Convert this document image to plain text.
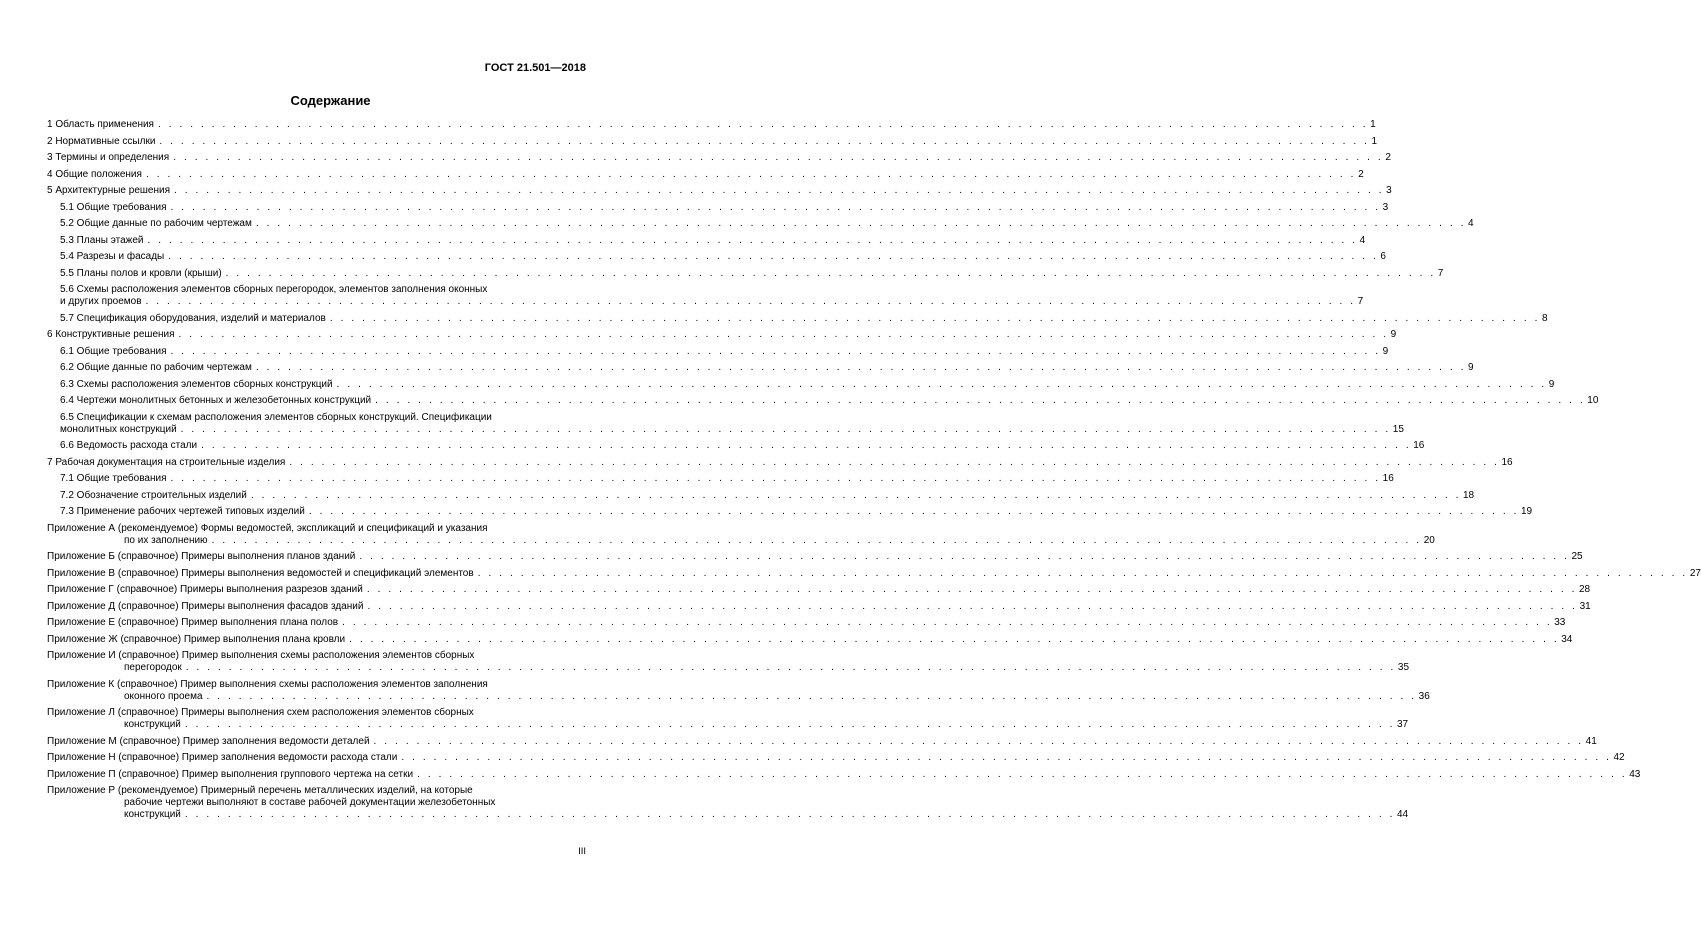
ГОСТ 21.501—2018
Содержание
1 Область применения . . . . . . . . . . . . . . . . . . . . . . . . . . . . . . . . . . . . . . . . . . . . . . . . . . . . . . . . . . . . . . . . . . . . . . . . . . . . . . . . . . . . . . . . . . . . . . . . . . . . . . . . . . . . . . . . . 1
2 Нормативные ссылки . . . . . . . . . . . . . . . . . . . . . . . . . . . . . . . . . . . . . . . . . . . . . . . . . . . . . . . . . . . . . . . . . . . . . . . . . . . . . . . . . . . . . . . . . . . . . . . . . . . . . . . . . . . . . . . . . 1
3 Термины и определения . . . . . . . . . . . . . . . . . . . . . . . . . . . . . . . . . . . . . . . . . . . . . . . . . . . . . . . . . . . . . . . . . . . . . . . . . . . . . . . . . . . . . . . . . . . . . . . . . . . . . . . . . . . . . . . . . 2
4 Общие положения . . . . . . . . . . . . . . . . . . . . . . . . . . . . . . . . . . . . . . . . . . . . . . . . . . . . . . . . . . . . . . . . . . . . . . . . . . . . . . . . . . . . . . . . . . . . . . . . . . . . . . . . . . . . . . . . . 2
5 Архитектурные решения . . . . . . . . . . . . . . . . . . . . . . . . . . . . . . . . . . . . . . . . . . . . . . . . . . . . . . . . . . . . . . . . . . . . . . . . . . . . . . . . . . . . . . . . . . . . . . . . . . . . . . . . . . . . . . . . . 3
5.1 Общие требования . . . . . . . . . . . . . . . . . . . . . . . . . . . . . . . . . . . . . . . . . . . . . . . . . . . . . . . . . . . . . . . . . . . . . . . . . . . . . . . . . . . . . . . . . . . . . . . . . . . . . . . . . . . . . . . . . 3
5.2 Общие данные по рабочим чертежам . . . . . . . . . . . . . . . . . . . . . . . . . . . . . . . . . . . . . . . . . . . . . . . . . . . . . . . . . . . . . . . . . . . . . . . . . . . . . . . . . . . . . . . . . . . . . . . . . . . . . . . . . . . . . . . . . 4
5.3 Планы этажей . . . . . . . . . . . . . . . . . . . . . . . . . . . . . . . . . . . . . . . . . . . . . . . . . . . . . . . . . . . . . . . . . . . . . . . . . . . . . . . . . . . . . . . . . . . . . . . . . . . . . . . . . . . . . . . . . 4
5.4 Разрезы и фасады . . . . . . . . . . . . . . . . . . . . . . . . . . . . . . . . . . . . . . . . . . . . . . . . . . . . . . . . . . . . . . . . . . . . . . . . . . . . . . . . . . . . . . . . . . . . . . . . . . . . . . . . . . . . . . . . . 6
5.5 Планы полов и кровли (крыши) . . . . . . . . . . . . . . . . . . . . . . . . . . . . . . . . . . . . . . . . . . . . . . . . . . . . . . . . . . . . . . . . . . . . . . . . . . . . . . . . . . . . . . . . . . . . . . . . . . . . . . . . . . . . . . . . . 7
5.6 Схемы расположения элементов сборных перегородок, элементов заполнения оконных
и других проемов . . . . . . . . . . . . . . . . . . . . . . . . . . . . . . . . . . . . . . . . . . . . . . . . . . . . . . . . . . . . . . . . . . . . . . . . . . . . . . . . . . . . . . . . . . . . . . . . . . . . . . . . . . . . . . . . . 7
5.7 Спецификация оборудования, изделий и материалов . . . . . . . . . . . . . . . . . . . . . . . . . . . . . . . . . . . . . . . . . . . . . . . . . . . . . . . . . . . . . . . . . . . . . . . . . . . . . . . . . . . . . . . . . . . . . . . . . . . . . . . . . . . . . . . . . 8
6 Конструктивные решения . . . . . . . . . . . . . . . . . . . . . . . . . . . . . . . . . . . . . . . . . . . . . . . . . . . . . . . . . . . . . . . . . . . . . . . . . . . . . . . . . . . . . . . . . . . . . . . . . . . . . . . . . . . . . . . . . 9
6.1 Общие требования . . . . . . . . . . . . . . . . . . . . . . . . . . . . . . . . . . . . . . . . . . . . . . . . . . . . . . . . . . . . . . . . . . . . . . . . . . . . . . . . . . . . . . . . . . . . . . . . . . . . . . . . . . . . . . . . . 9
6.2 Общие данные по рабочим чертежам . . . . . . . . . . . . . . . . . . . . . . . . . . . . . . . . . . . . . . . . . . . . . . . . . . . . . . . . . . . . . . . . . . . . . . . . . . . . . . . . . . . . . . . . . . . . . . . . . . . . . . . . . . . . . . . . . 9
6.3 Схемы расположения элементов сборных конструкций . . . . . . . . . . . . . . . . . . . . . . . . . . . . . . . . . . . . . . . . . . . . . . . . . . . . . . . . . . . . . . . . . . . . . . . . . . . . . . . . . . . . . . . . . . . . . . . . . . . . . . . . . . . . . . . . . 9
6.4 Чертежи монолитных бетонных и железобетонных конструкций . . . . . . . . . . . . . . . . . . . . . . . . . . . . . . . . . . . . . . . . . . . . . . . . . . . . . . . . . . . . . . . . . . . . . . . . . . . . . . . . . . . . . . . . . . . . . . . . . . . . . . . . . . . . . . . . . 10
6.5 Спецификации к схемам расположения элементов сборных конструкций. Спецификации
монолитных конструкций . . . . . . . . . . . . . . . . . . . . . . . . . . . . . . . . . . . . . . . . . . . . . . . . . . . . . . . . . . . . . . . . . . . . . . . . . . . . . . . . . . . . . . . . . . . . . . . . . . . . . . . . . . . . . . . . . 15
6.6 Ведомость расхода стали . . . . . . . . . . . . . . . . . . . . . . . . . . . . . . . . . . . . . . . . . . . . . . . . . . . . . . . . . . . . . . . . . . . . . . . . . . . . . . . . . . . . . . . . . . . . . . . . . . . . . . . . . . . . . . . . . 16
7 Рабочая документация на строительные изделия . . . . . . . . . . . . . . . . . . . . . . . . . . . . . . . . . . . . . . . . . . . . . . . . . . . . . . . . . . . . . . . . . . . . . . . . . . . . . . . . . . . . . . . . . . . . . . . . . . . . . . . . . . . . . . . . . 16
7.1 Общие требования . . . . . . . . . . . . . . . . . . . . . . . . . . . . . . . . . . . . . . . . . . . . . . . . . . . . . . . . . . . . . . . . . . . . . . . . . . . . . . . . . . . . . . . . . . . . . . . . . . . . . . . . . . . . . . . . . 16
7.2 Обозначение строительных изделий . . . . . . . . . . . . . . . . . . . . . . . . . . . . . . . . . . . . . . . . . . . . . . . . . . . . . . . . . . . . . . . . . . . . . . . . . . . . . . . . . . . . . . . . . . . . . . . . . . . . . . . . . . . . . . . . . 18
7.3 Применение рабочих чертежей типовых изделий . . . . . . . . . . . . . . . . . . . . . . . . . . . . . . . . . . . . . . . . . . . . . . . . . . . . . . . . . . . . . . . . . . . . . . . . . . . . . . . . . . . . . . . . . . . . . . . . . . . . . . . . . . . . . . . . . 19
Приложение А (рекомендуемое) Формы ведомостей, экспликаций и спецификаций и указания
по их заполнению . . . . . . . . . . . . . . . . . . . . . . . . . . . . . . . . . . . . . . . . . . . . . . . . . . . . . . . . . . . . . . . . . . . . . . . . . . . . . . . . . . . . . . . . . . . . . . . . . . . . . . . . . . . . . . . . . 20
Приложение Б (справочное) Примеры выполнения планов зданий . . . . . . . . . . . . . . . . . . . . . . . . . . . . . . . . . . . . . . . . . . . . . . . . . . . . . . . . . . . . . . . . . . . . . . . . . . . . . . . . . . . . . . . . . . . . . . . . . . . . . . . . . . . . . . . . . 25
Приложение В (справочное) Примеры выполнения ведомостей и спецификаций элементов . . . . . . . . . . . . . . . . . . . . . . . . . . . . . . . . . . . . . . . . . . . . . . . . . . . . . . . . . . . . . . . . . . . . . . . . . . . . . . . . . . . . . . . . . . . . . . . . . . . . . . . . . . . . . . . . . 27
Приложение Г (справочное) Примеры выполнения разрезов зданий . . . . . . . . . . . . . . . . . . . . . . . . . . . . . . . . . . . . . . . . . . . . . . . . . . . . . . . . . . . . . . . . . . . . . . . . . . . . . . . . . . . . . . . . . . . . . . . . . . . . . . . . . . . . . . . . . 28
Приложение Д (справочное) Примеры выполнения фасадов зданий . . . . . . . . . . . . . . . . . . . . . . . . . . . . . . . . . . . . . . . . . . . . . . . . . . . . . . . . . . . . . . . . . . . . . . . . . . . . . . . . . . . . . . . . . . . . . . . . . . . . . . . . . . . . . . . . . 31
Приложение Е (справочное) Пример выполнения плана полов . . . . . . . . . . . . . . . . . . . . . . . . . . . . . . . . . . . . . . . . . . . . . . . . . . . . . . . . . . . . . . . . . . . . . . . . . . . . . . . . . . . . . . . . . . . . . . . . . . . . . . . . . . . . . . . . . 33
Приложение Ж (справочное) Пример выполнения плана кровли . . . . . . . . . . . . . . . . . . . . . . . . . . . . . . . . . . . . . . . . . . . . . . . . . . . . . . . . . . . . . . . . . . . . . . . . . . . . . . . . . . . . . . . . . . . . . . . . . . . . . . . . . . . . . . . . . 34
Приложение И (справочное) Пример выполнения схемы расположения элементов сборных
перегородок . . . . . . . . . . . . . . . . . . . . . . . . . . . . . . . . . . . . . . . . . . . . . . . . . . . . . . . . . . . . . . . . . . . . . . . . . . . . . . . . . . . . . . . . . . . . . . . . . . . . . . . . . . . . . . . . . 35
Приложение К (справочное) Пример выполнения схемы расположения элементов заполнения
оконного проема . . . . . . . . . . . . . . . . . . . . . . . . . . . . . . . . . . . . . . . . . . . . . . . . . . . . . . . . . . . . . . . . . . . . . . . . . . . . . . . . . . . . . . . . . . . . . . . . . . . . . . . . . . . . . . . . . 36
Приложение Л (справочное) Примеры выполнения схем расположения элементов сборных
конструкций . . . . . . . . . . . . . . . . . . . . . . . . . . . . . . . . . . . . . . . . . . . . . . . . . . . . . . . . . . . . . . . . . . . . . . . . . . . . . . . . . . . . . . . . . . . . . . . . . . . . . . . . . . . . . . . . . 37
Приложение М (справочное) Пример заполнения ведомости деталей . . . . . . . . . . . . . . . . . . . . . . . . . . . . . . . . . . . . . . . . . . . . . . . . . . . . . . . . . . . . . . . . . . . . . . . . . . . . . . . . . . . . . . . . . . . . . . . . . . . . . . . . . . . . . . . . . 41
Приложение Н (справочное) Пример заполнения ведомости расхода стали . . . . . . . . . . . . . . . . . . . . . . . . . . . . . . . . . . . . . . . . . . . . . . . . . . . . . . . . . . . . . . . . . . . . . . . . . . . . . . . . . . . . . . . . . . . . . . . . . . . . . . . . . . . . . . . . . 42
Приложение П (справочное) Пример выполнения группового чертежа на сетки . . . . . . . . . . . . . . . . . . . . . . . . . . . . . . . . . . . . . . . . . . . . . . . . . . . . . . . . . . . . . . . . . . . . . . . . . . . . . . . . . . . . . . . . . . . . . . . . . . . . . . . . . . . . . . . . . 43
Приложение Р (рекомендуемое) Примерный перечень металлических изделий, на которые
рабочие чертежи выполняют в составе рабочей документации железобетонных
конструкций . . . . . . . . . . . . . . . . . . . . . . . . . . . . . . . . . . . . . . . . . . . . . . . . . . . . . . . . . . . . . . . . . . . . . . . . . . . . . . . . . . . . . . . . . . . . . . . . . . . . . . . . . . . . . . . . . 44
III
